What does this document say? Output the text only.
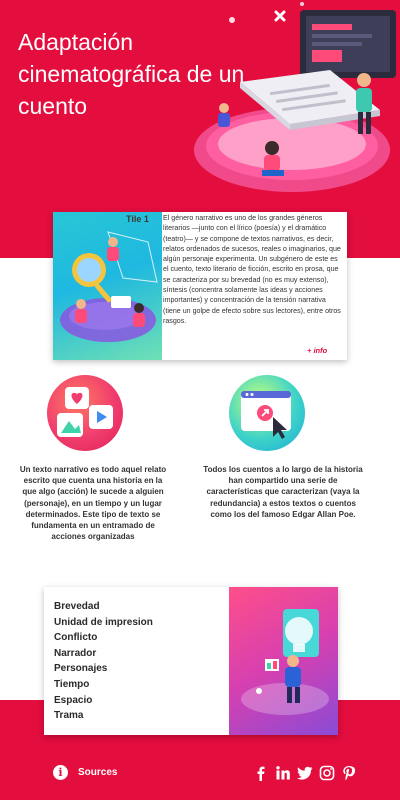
Adaptación cinematográfica de un cuento
Tile 1 El género narrativo es uno de los grandes géneros literarios —junto con el lírico (poesía) y el dramático (teatro)— y se compone de textos narrativos, es decir, relatos ordenados de sucesos, reales o imaginarios, que algún personaje experimenta. Un subgénero de este es el cuento, texto literario de ficción, escrito en prosa, que se caracteriza por su brevedad (no es muy extenso), síntesis (concentra solamente las ideas y acciones importantes) y concentración de la tensión narrativa (tiene un golpe de efecto sobre sus lectores), entre otros rasgos.

+ info

Un texto narrativo es todo aquel relato escrito que cuenta una historia en la que algo (acción) le sucede a alguien (personaje), en un tiempo y un lugar determinados. Este tipo de texto se fundamenta en un entramado de acciones organizadas

Todos los cuentos a lo largo de la historia han compartido una serie de características que caracterizan (vaya la redundancia) a estos textos o cuentos como los del famoso Edgar Allan Poe.

Brevedad
Unidad de impresion
Conflicto
Narrador
Personajes
Tiempo
Espacio
Trama
i	Sources
